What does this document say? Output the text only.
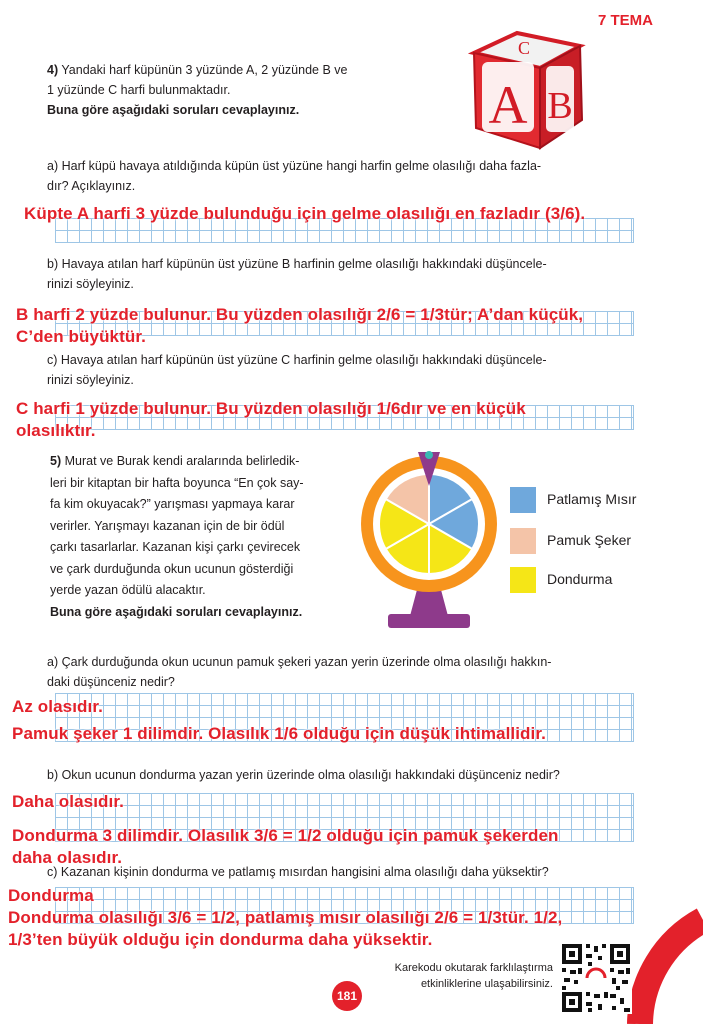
7 TEMA
C
A B
4) Yandaki harf küpünün 3 yüzünde A, 2 yüzünde B ve
1 yüzünde C harfi bulunmaktadır.
Buna göre aşağıdaki soruları cevaplayınız.
a) Harf küpü havaya atıldığında küpün üst yüzüne hangi harfin gelme olasılığı daha fazla-
dır? Açıklayınız.
Küpte A harfi 3 yüzde bulunduğu için gelme olasılığı en fazladır (3/6).
b) Havaya atılan harf küpünün üst yüzüne B harfinin gelme olasılığı hakkındaki düşüncele-
rinizi söyleyiniz.
B harfi 2 yüzde bulunur. Bu yüzden olasılığı 2/6 = 1/3tür; A’dan küçük,
C’den büyüktür.
c) Havaya atılan harf küpünün üst yüzüne C harfinin gelme olasılığı hakkındaki düşüncele-
rinizi söyleyiniz.
C harfi 1 yüzde bulunur. Bu yüzden olasılığı 1/6dır ve en küçük
olasılıktır.
5) Murat ve Burak kendi aralarında belirledik-
leri bir kitaptan bir hafta boyunca “En çok say-
fa kim okuyacak?” yarışması yapmaya karar
verirler. Yarışmayı kazanan için de bir ödül
çarkı tasarlarlar. Kazanan kişi çarkı çevirecek
ve çark durduğunda okun ucunun gösterdiği
yerde yazan ödülü alacaktır.
Buna göre aşağıdaki soruları cevaplayınız.
Patlamış Mısır
Pamuk Şeker
Dondurma
a) Çark durduğunda okun ucunun pamuk şekeri yazan yerin üzerinde olma olasılığı hakkın-
daki düşünceniz nedir?
Az olasıdır.
Pamuk şeker 1 dilimdir. Olasılık 1/6 olduğu için düşük ihtimallidir.
b) Okun ucunun dondurma yazan yerin üzerinde olma olasılığı hakkındaki düşünceniz nedir?
Daha olasıdır.
Dondurma 3 dilimdir. Olasılık 3/6 = 1/2 olduğu için pamuk şekerden
daha olasıdır.
c) Kazanan kişinin dondurma ve patlamış mısırdan hangisini alma olasılığı daha yüksektir?
Dondurma
Dondurma olasılığı 3/6 = 1/2, patlamış mısır olasılığı 2/6 = 1/3tür. 1/2,
1/3’ten büyük olduğu için dondurma daha yüksektir.
Karekodu okutarak farklılaştırma
etkinliklerine ulaşabilirsiniz.
181
